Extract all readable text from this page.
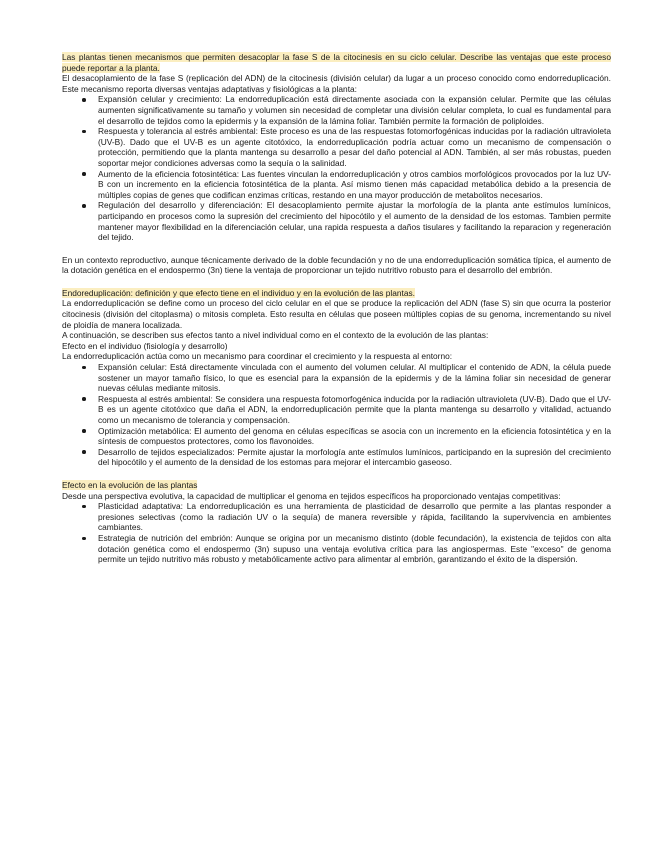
Las plantas tienen mecanismos que permiten desacoplar la fase S de la citocinesis en su ciclo celular. Describe las ventajas que este proceso puede reportar a la planta.

El desacoplamiento de la fase S (replicación del ADN) de la citocinesis (división celular) da lugar a un proceso conocido como endorreduplicación. Este mecanismo reporta diversas ventajas adaptativas y fisiológicas a la planta:

Expansión celular y crecimiento: La endorreduplicación está directamente asociada con la expansión celular. Permite que las células aumenten significativamente su tamaño y volumen sin necesidad de completar una división celular completa, lo cual es fundamental para el desarrollo de tejidos como la epidermis y la expansión de la lámina foliar. También permite la formación de poliploides.
Respuesta y tolerancia al estrés ambiental: Este proceso es una de las respuestas fotomorfogénicas inducidas por la radiación ultravioleta (UV-B). Dado que el UV-B es un agente citotóxico, la endorreduplicación podría actuar como un mecanismo de compensación o protección, permitiendo que la planta mantenga su desarrollo a pesar del daño potencial al ADN. También, al ser más robustas, pueden soportar mejor condiciones adversas como la sequía o la salinidad.
Aumento de la eficiencia fotosintética: Las fuentes vinculan la endorreduplicación y otros cambios morfológicos provocados por la luz UV-B con un incremento en la eficiencia fotosintética de la planta. Así mismo tienen más capacidad metabólica debido a la presencia de múltiples copias de genes que codifican enzimas críticas, restando en una mayor producción de metabolitos necesarios.
Regulación del desarrollo y diferenciación: El desacoplamiento permite ajustar la morfología de la planta ante estímulos lumínicos, participando en procesos como la supresión del crecimiento del hipocótilo y el aumento de la densidad de los estomas. Tambien permite mantener mayor flexibilidad en la diferenciación celular, una rapida respuesta a daños tisulares y facilitando la reparacion y regeneración del tejido.

En un contexto reproductivo, aunque técnicamente derivado de la doble fecundación y no de una endorreduplicación somática típica, el aumento de la dotación genética en el endospermo (3n) tiene la ventaja de proporcionar un tejido nutritivo robusto para el desarrollo del embrión.

Endoreduplicación: definición y que efecto tiene en el individuo y en la evolución de las plantas.

La endorreduplicación se define como un proceso del ciclo celular en el que se produce la replicación del ADN (fase S) sin que ocurra la posterior citocinesis (división del citoplasma) o mitosis completa. Esto resulta en células que poseen múltiples copias de su genoma, incrementando su nivel de ploidía de manera localizada.

A continuación, se describen sus efectos tanto a nivel individual como en el contexto de la evolución de las plantas:

Efecto en el individuo (fisiología y desarrollo)

La endorreduplicación actúa como un mecanismo para coordinar el crecimiento y la respuesta al entorno:

Expansión celular: Está directamente vinculada con el aumento del volumen celular. Al multiplicar el contenido de ADN, la célula puede sostener un mayor tamaño físico, lo que es esencial para la expansión de la epidermis y de la lámina foliar sin necesidad de generar nuevas células mediante mitosis.
Respuesta al estrés ambiental: Se considera una respuesta fotomorfogénica inducida por la radiación ultravioleta (UV-B). Dado que el UV-B es un agente citotóxico que daña el ADN, la endorreduplicación permite que la planta mantenga su desarrollo y vitalidad, actuando como un mecanismo de tolerancia y compensación.
Optimización metabólica: El aumento del genoma en células específicas se asocia con un incremento en la eficiencia fotosintética y en la síntesis de compuestos protectores, como los flavonoides.
Desarrollo de tejidos especializados: Permite ajustar la morfología ante estímulos lumínicos, participando en la supresión del crecimiento del hipocótilo y el aumento de la densidad de los estomas para mejorar el intercambio gaseoso.

Efecto en la evolución de las plantas

Desde una perspectiva evolutiva, la capacidad de multiplicar el genoma en tejidos específicos ha proporcionado ventajas competitivas:

Plasticidad adaptativa: La endorreduplicación es una herramienta de plasticidad de desarrollo que permite a las plantas responder a presiones selectivas (como la radiación UV o la sequía) de manera reversible y rápida, facilitando la supervivencia en ambientes cambiantes.
Estrategia de nutrición del embrión: Aunque se origina por un mecanismo distinto (doble fecundación), la existencia de tejidos con alta dotación genética como el endospermo (3n) supuso una ventaja evolutiva crítica para las angiospermas. Este "exceso" de genoma permite un tejido nutritivo más robusto y metabólicamente activo para alimentar al embrión, garantizando el éxito de la dispersión.
